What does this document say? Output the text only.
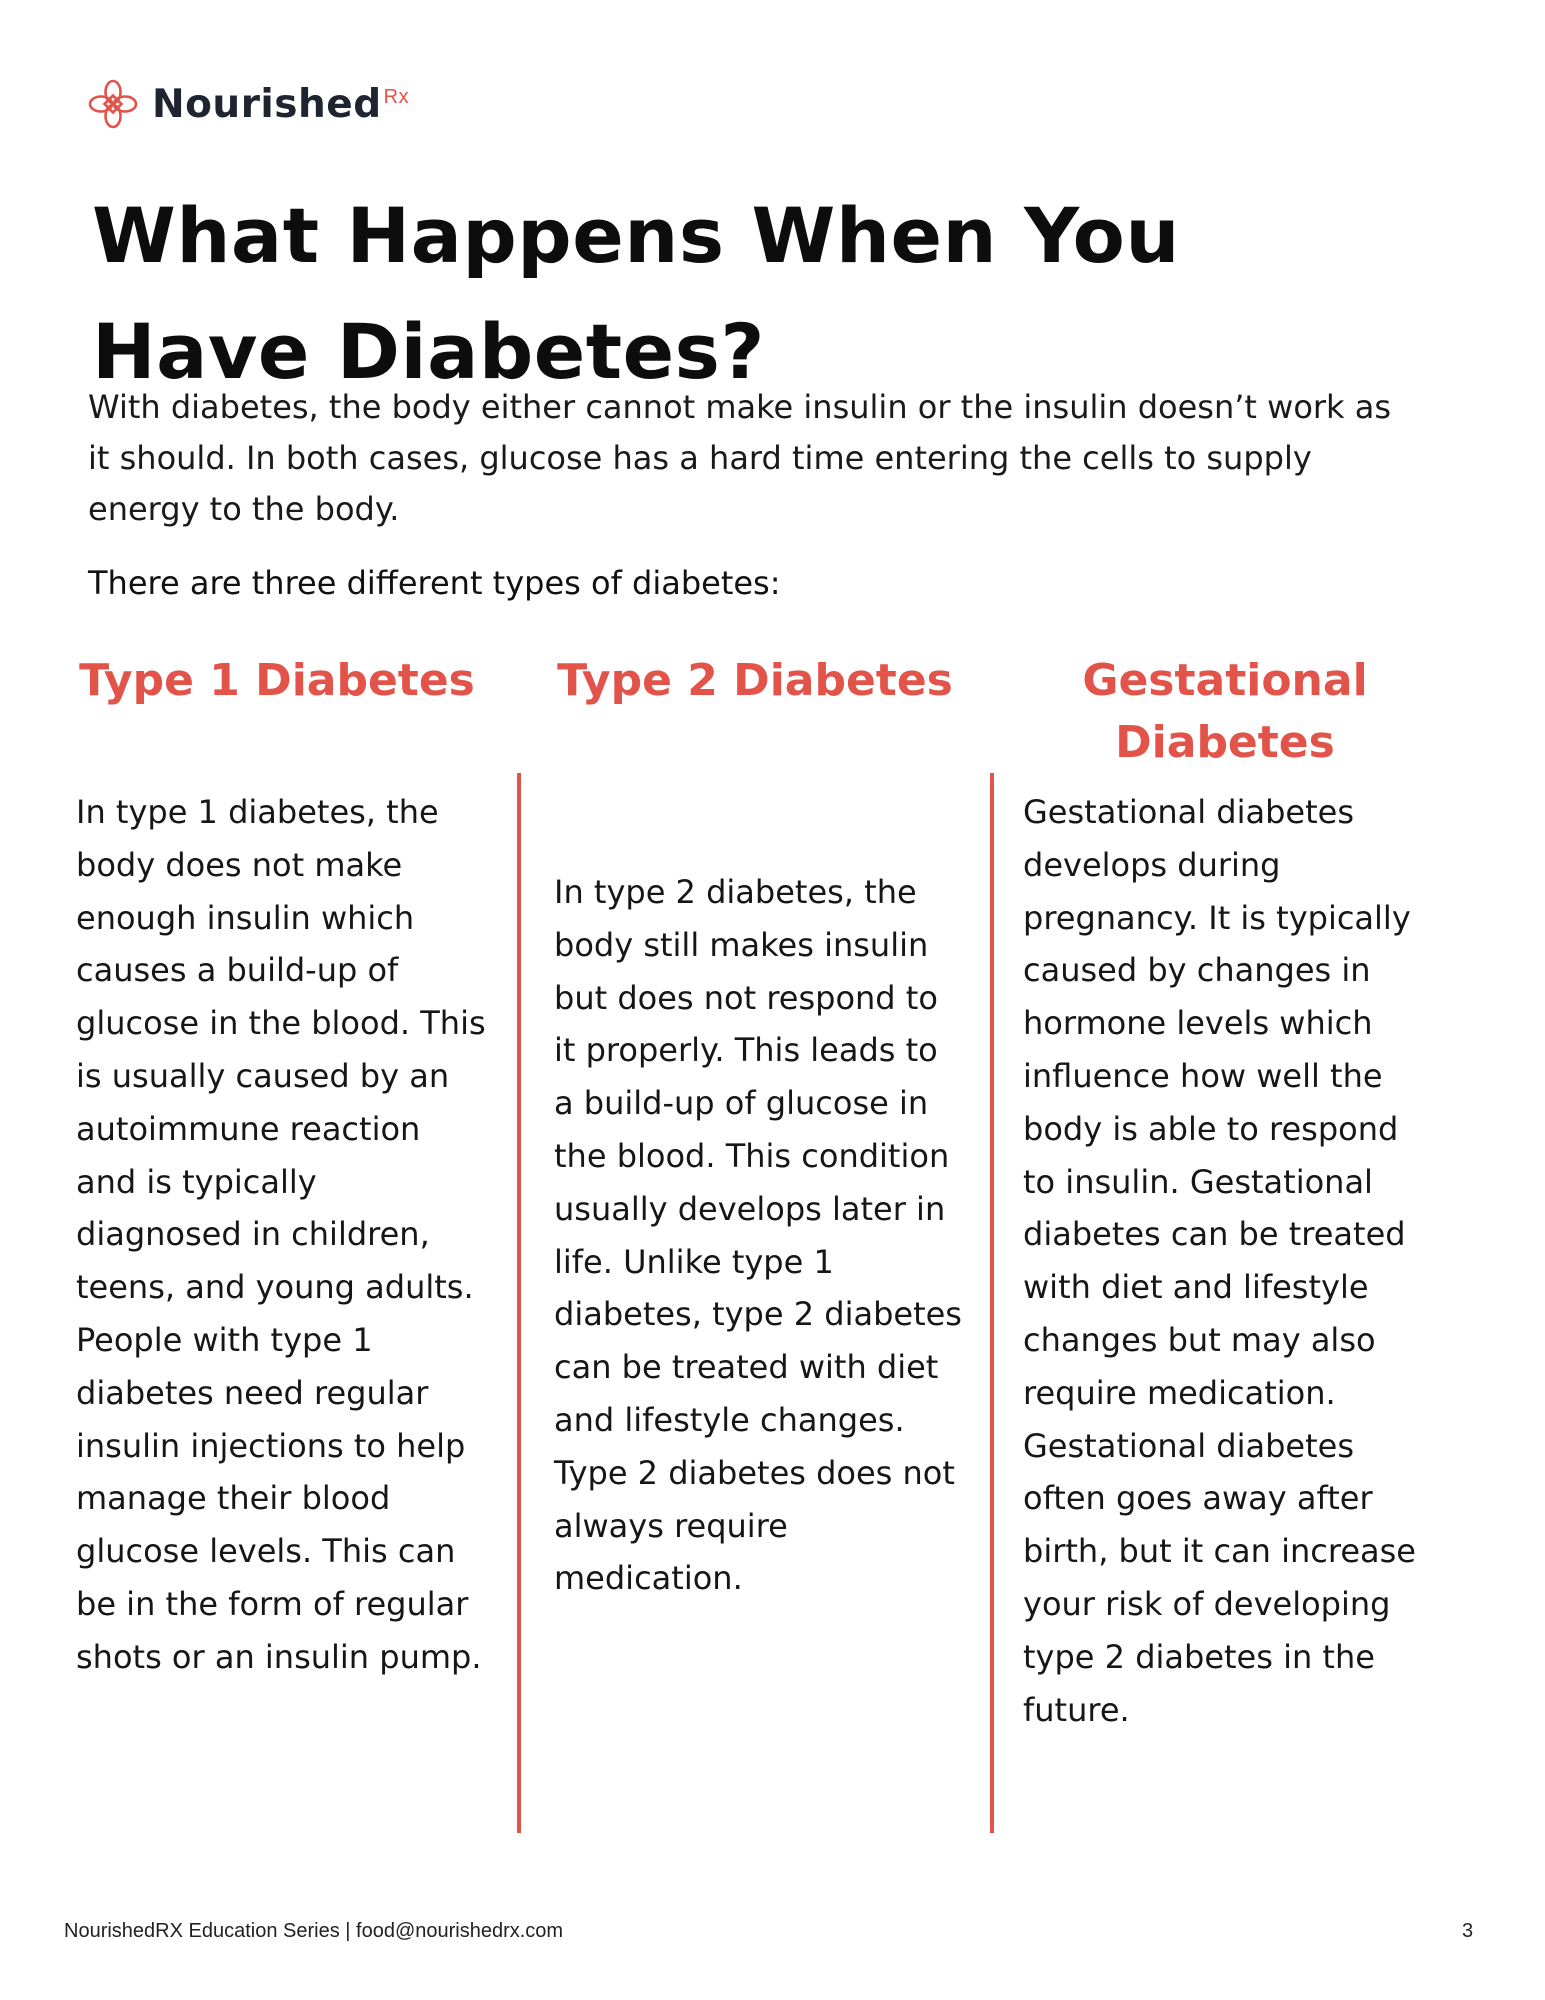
Nourished $^{Rx}$
What Happens When You Have Diabetes?

With diabetes, the body either cannot make insulin or the insulin doesn’t work as it should. In both cases, glucose has a hard time entering the cells to supply energy to the body.

There are three different types of diabetes:

Type 1 Diabetes Type 2 Diabetes	Gestational Diabetes

In type 1 diabetes, the body does not make enough insulin which causes a build-up of glucose in the blood. This is usually caused by an autoimmune reaction and is typically diagnosed in children, teens, and young adults. People with type 1 diabetes need regular insulin injections to help manage their blood glucose levels. This can be in the form of regular shots or an insulin pump.

In type 2 diabetes, the body still makes insulin but does not respond to it properly. This leads to a build-up of glucose in the blood. This condition usually develops later in life. Unlike type 1 diabetes, type 2 diabetes can be treated with diet and lifestyle changes. Type 2 diabetes does not always require medication.

Gestational diabetes develops during pregnancy. It is typically caused by changes in hormone levels which influence how well the body is able to respond to insulin. Gestational diabetes can be treated with diet and lifestyle changes but may also require medication. Gestational diabetes often goes away after birth, but it can increase your risk of developing type 2 diabetes in the future.

NourishedRX Education Series | food@nourishedrx.com	3
